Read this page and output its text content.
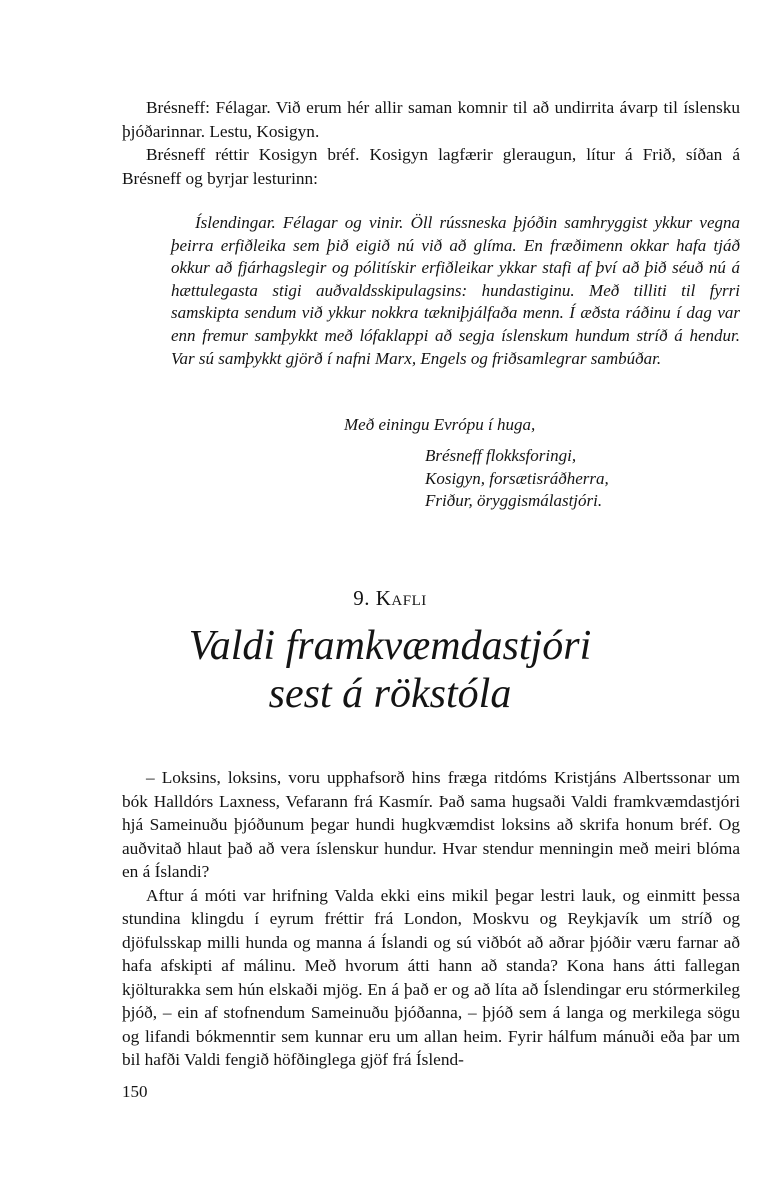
Brésneff: Félagar. Við erum hér allir saman komnir til að undirrita ávarp til íslensku þjóðarinnar. Lestu, Kosigyn.

Brésneff réttir Kosigyn bréf. Kosigyn lagfærir gleraugun, lítur á Frið, síðan á Brésneff og byrjar lesturinn:

Íslendingar. Félagar og vinir. Öll rússneska þjóðin samhryggist ykkur vegna þeirra erfiðleika sem þið eigið nú við að glíma. En fræðimenn okkar hafa tjáð okkur að fjárhagslegir og pólitískir erfiðleikar ykkar stafi af því að þið séuð nú á hættulegasta stigi auðvaldsskipulagsins: hundastiginu. Með tilliti til fyrri samskipta sendum við ykkur nokkra tækniþjálfaða menn. Í æðsta ráðinu í dag var enn fremur samþykkt með lófaklappi að segja íslenskum hundum stríð á hendur. Var sú samþykkt gjörð í nafni Marx, Engels og friðsamlegrar sambúðar.

Með einingu Evrópu í huga,
Brésneff flokksforingi,
Kosigyn, forsætisráðherra,
Friður, öryggismálastjóri.
9. Kafli
Valdi framkvæmdastjóri
sest á rökstóla

– Loksins, loksins, voru upphafsorð hins fræga ritdóms Kristjáns Albertssonar um bók Halldórs Laxness, Vefarann frá Kasmír. Það sama hugsaði Valdi framkvæmdastjóri hjá Sameinuðu þjóðunum þegar hundi hugkvæmdist loksins að skrifa honum bréf. Og auðvitað hlaut það að vera íslenskur hundur. Hvar stendur menningin með meiri blóma en á Íslandi?

Aftur á móti var hrifning Valda ekki eins mikil þegar lestri lauk, og einmitt þessa stundina klingdu í eyrum fréttir frá London, Moskvu og Reykjavík um stríð og djöfulsskap milli hunda og manna á Íslandi og sú viðbót að aðrar þjóðir væru farnar að hafa afskipti af málinu. Með hvorum átti hann að standa? Kona hans átti fallegan kjölturakka sem hún elskaði mjög. En á það er og að líta að Íslendingar eru stórmerkileg þjóð, – ein af stofnendum Sameinuðu þjóðanna, – þjóð sem á langa og merkilega sögu og lifandi bókmenntir sem kunnar eru um allan heim. Fyrir hálfum mánuði eða þar um bil hafði Valdi fengið höfðinglega gjöf frá Íslend-

150
